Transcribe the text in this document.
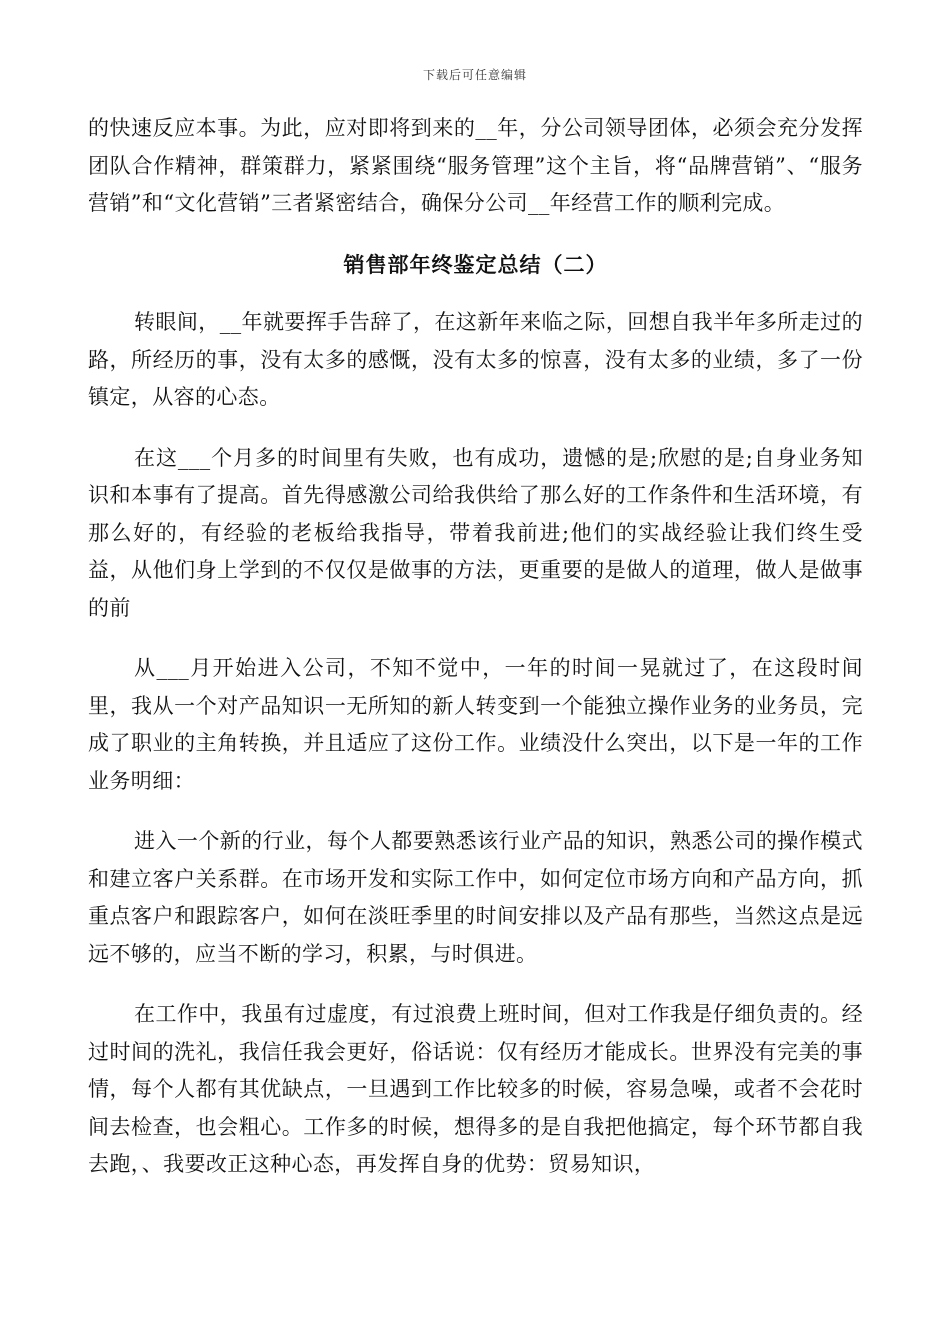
下载后可任意编辑

的快速反应本事。为此，应对即将到来的__年，分公司领导团体，必须会充分发挥团队合作精神，群策群力，紧紧围绕“服务管理”这个主旨，将“品牌营销”、“服务营销”和“文化营销”三者紧密结合，确保分公司__年经营工作的顺利完成。

销售部年终鉴定总结（二）

转眼间，__年就要挥手告辞了，在这新年来临之际，回想自我半年多所走过的路，所经历的事，没有太多的感慨，没有太多的惊喜，没有太多的业绩，多了一份镇定，从容的心态。

在这___个月多的时间里有失败，也有成功，遗憾的是;欣慰的是;自身业务知识和本事有了提高。首先得感激公司给我供给了那么好的工作条件和生活环境，有那么好的，有经验的老板给我指导，带着我前进;他们的实战经验让我们终生受益，从他们身上学到的不仅仅是做事的方法，更重要的是做人的道理，做人是做事的前

从___月开始进入公司，不知不觉中，一年的时间一晃就过了，在这段时间里，我从一个对产品知识一无所知的新人转变到一个能独立操作业务的业务员，完成了职业的主角转换，并且适应了这份工作。业绩没什么突出，以下是一年的工作业务明细：

进入一个新的行业，每个人都要熟悉该行业产品的知识，熟悉公司的操作模式和建立客户关系群。在市场开发和实际工作中，如何定位市场方向和产品方向，抓重点客户和跟踪客户，如何在淡旺季里的时间安排以及产品有那些，当然这点是远远不够的，应当不断的学习，积累，与时俱进。

在工作中，我虽有过虚度，有过浪费上班时间，但对工作我是仔细负责的。经过时间的洗礼，我信任我会更好，俗话说：仅有经历才能成长。世界没有完美的事情，每个人都有其优缺点，一旦遇到工作比较多的时候，容易急噪，或者不会花时间去检查，也会粗心。工作多的时候，想得多的是自我把他搞定，每个环节都自我去跑，、我要改正这种心态，再发挥自身的优势：贸易知识，
